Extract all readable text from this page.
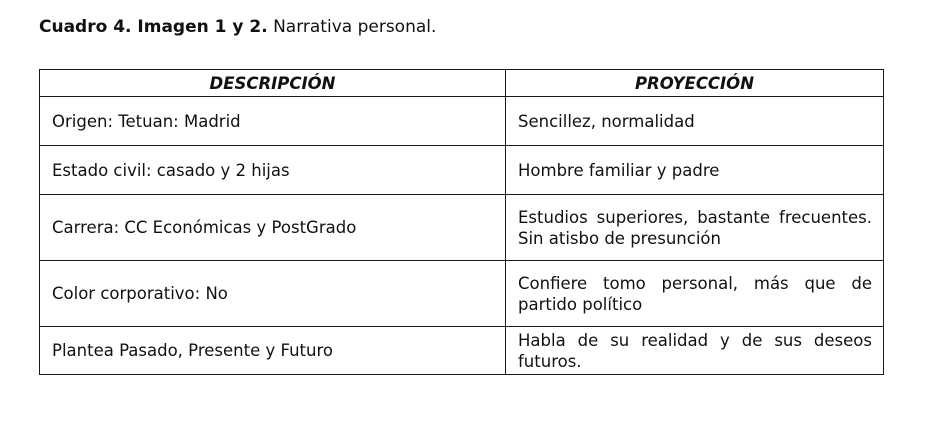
Cuadro 4. Imagen 1 y 2. Narrativa personal.
DESCRIPCIÓN	PROYECCIÓN
Origen: Tetuan: Madrid	Sencillez, normalidad
Estado civil: casado y 2 hijas	Hombre familiar y padre
Carrera: CC Económicas y PostGrado	Estudios superiores, bastante frecuentes. Sin atisbo de presunción
Color corporativo: No	Confiere tomo personal, más que de partido político
Plantea Pasado, Presente y Futuro	Habla de su realidad y de sus deseos futuros.
